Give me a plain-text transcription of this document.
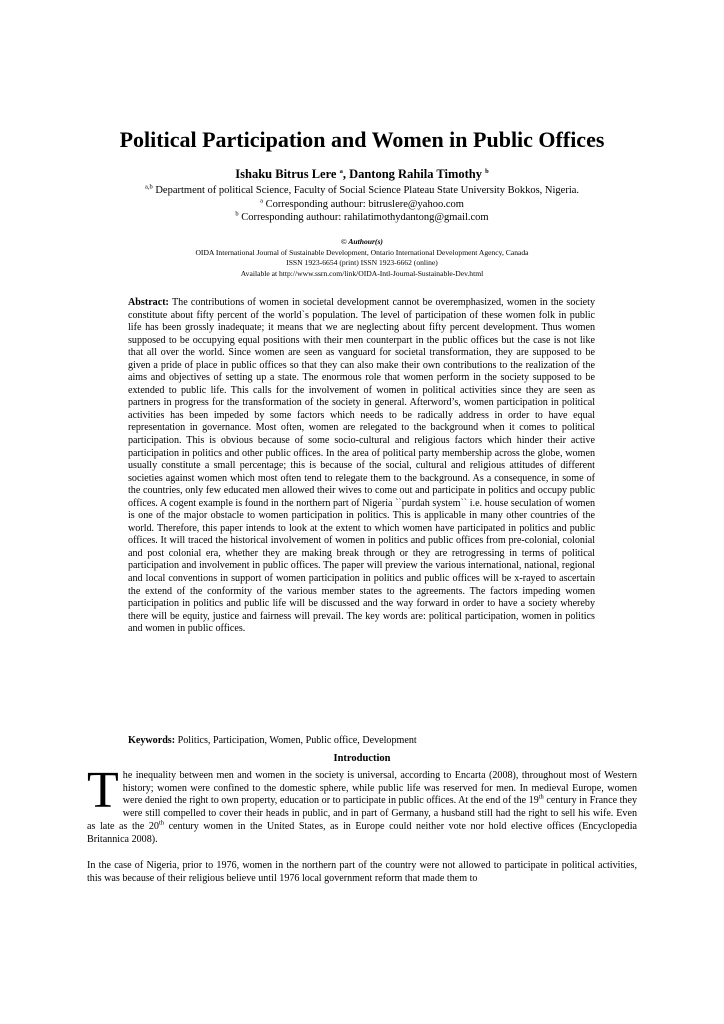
Political Participation and Women in Public Offices
Ishaku Bitrus Lere $^a$, Dantong Rahila Timothy $^b$
$^{a,b}$ Department of political Science, Faculty of Social Science Plateau State University Bokkos, Nigeria.
$^a$ Corresponding authour: bitruslere@yahoo.com
$^b$ Corresponding authour: rahilatimothydantong@gmail.com
© Authour(s)
OIDA International Journal of Sustainable Development, Ontario International Development Agency, Canada
ISSN 1923-6654 (print) ISSN 1923-6662 (online)
Available at http://www.ssrn.com/link/OIDA-Intl-Journal-Sustainable-Dev.html

Abstract: The contributions of women in societal development cannot be overemphasized, women in the society constitute about fifty percent of the world`s population. The level of participation of these women folk in public life has been grossly inadequate; it means that we are neglecting about fifty percent development. Thus women supposed to be occupying equal positions with their men counterpart in the public offices but the case is not like that all over the world. Since women are seen as vanguard for societal transformation, they are supposed to be given a pride of place in public offices so that they can also make their own contributions to the realization of the aims and objectives of setting up a state. The enormous role that women perform in the society supposed to be extended to public life. This calls for the involvement of women in political activities since they are seen as partners in progress for the transformation of the society in general. Afterword’s, women participation in political activities has been impeded by some factors which needs to be radically address in order to have equal representation in governance. Most often, women are relegated to the background when it comes to political participation. This is obvious because of some socio-cultural and religious factors which hinder their active participation in politics and other public offices. In the area of political party membership across the globe, women usually constitute a small percentage; this is because of the social, cultural and religious attitudes of different societies against women which most often tend to relegate them to the background. As a consequence, in some of the countries, only few educated men allowed their wives to come out and participate in politics and occupy public offices. A cogent example is found in the northern part of Nigeria ``purdah system`` i.e. house seculation of women is one of the major obstacle to women participation in politics. This is applicable in many other countries of the world. Therefore, this paper intends to look at the extent to which women have participated in politics and public offices. It will traced the historical involvement of women in politics and public offices from pre-colonial, colonial and post colonial era, whether they are making break through or they are retrogressing in terms of political participation and involvement in public offices. The paper will preview the various international, national, regional and local conventions in support of women participation in politics and public offices will be x-rayed to ascertain the extend of the conformity of the various member states to the agreements. The factors impeding women participation in politics and public life will be discussed and the way forward in order to have a society whereby there will be equity, justice and fairness will prevail. The key words are: political participation, women in politics and women in public offices.

Keywords: Politics, Participation, Women, Public office, Development

Introduction

The inequality between men and women in the society is universal, according to Encarta (2008), throughout most of Western history; women were confined to the domestic sphere, while public life was reserved for men. In medieval Europe, women were denied the right to own property, education or to participate in public offices. At the end of the 19th century in France they were still compelled to cover their heads in public, and in part of Germany, a husband still had the right to sell his wife. Even as late as the 20th century women in the United States, as in Europe could neither vote nor hold elective offices (Encyclopedia Britannica 2008).

In the case of Nigeria, prior to 1976, women in the northern part of the country were not allowed to participate in political activities, this was because of their religious believe until 1976 local government reform that made them to
